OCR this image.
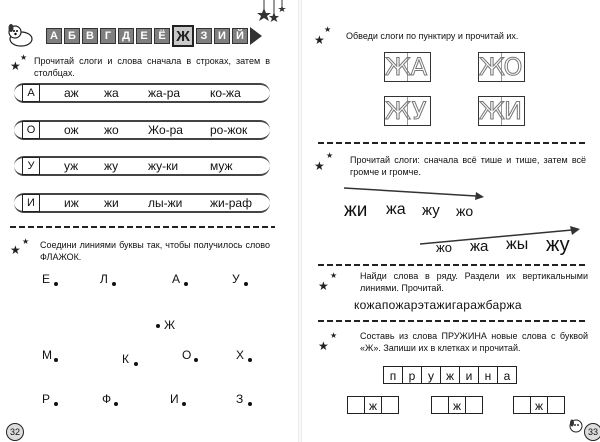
А Б В Г Д Е Ё Ж З И Й
★
★ Прочитай слоги и слова сначала в строках, затем в столбцах.
А	аж жа жа-ра ко-жа
О	ож жо Жо-ра ро-жок
У	уж жу жу-ки	муж
И	иж жи лы-жи жи-раф
★
★ Соедини линиями буквы так, чтобы получилось слово ФЛАЖОК.
Е	Л	А	У
Ж
М	К	О	Х
Р	Ф	И	З
32
★
★
Обведи слоги по пунктиру и прочитай их.
Ж А Ж
О
Ж У Ж И
★
★ Прочитай слоги: сначала всё тише и тише, затем всё громче и громче.
жи жа жу жо
жо жа жы жу
★
★	Найди слова в ряду. Раздели их вертикальными линиями. Прочитай.
кожапожарэтажигаражбаржа
★
★	Составь из слова ПРУЖИНА новые слова с буквой «Ж». Запиши их в клетках и прочитай.
п	р	у ж и	н	а
ж	ж	ж
33
